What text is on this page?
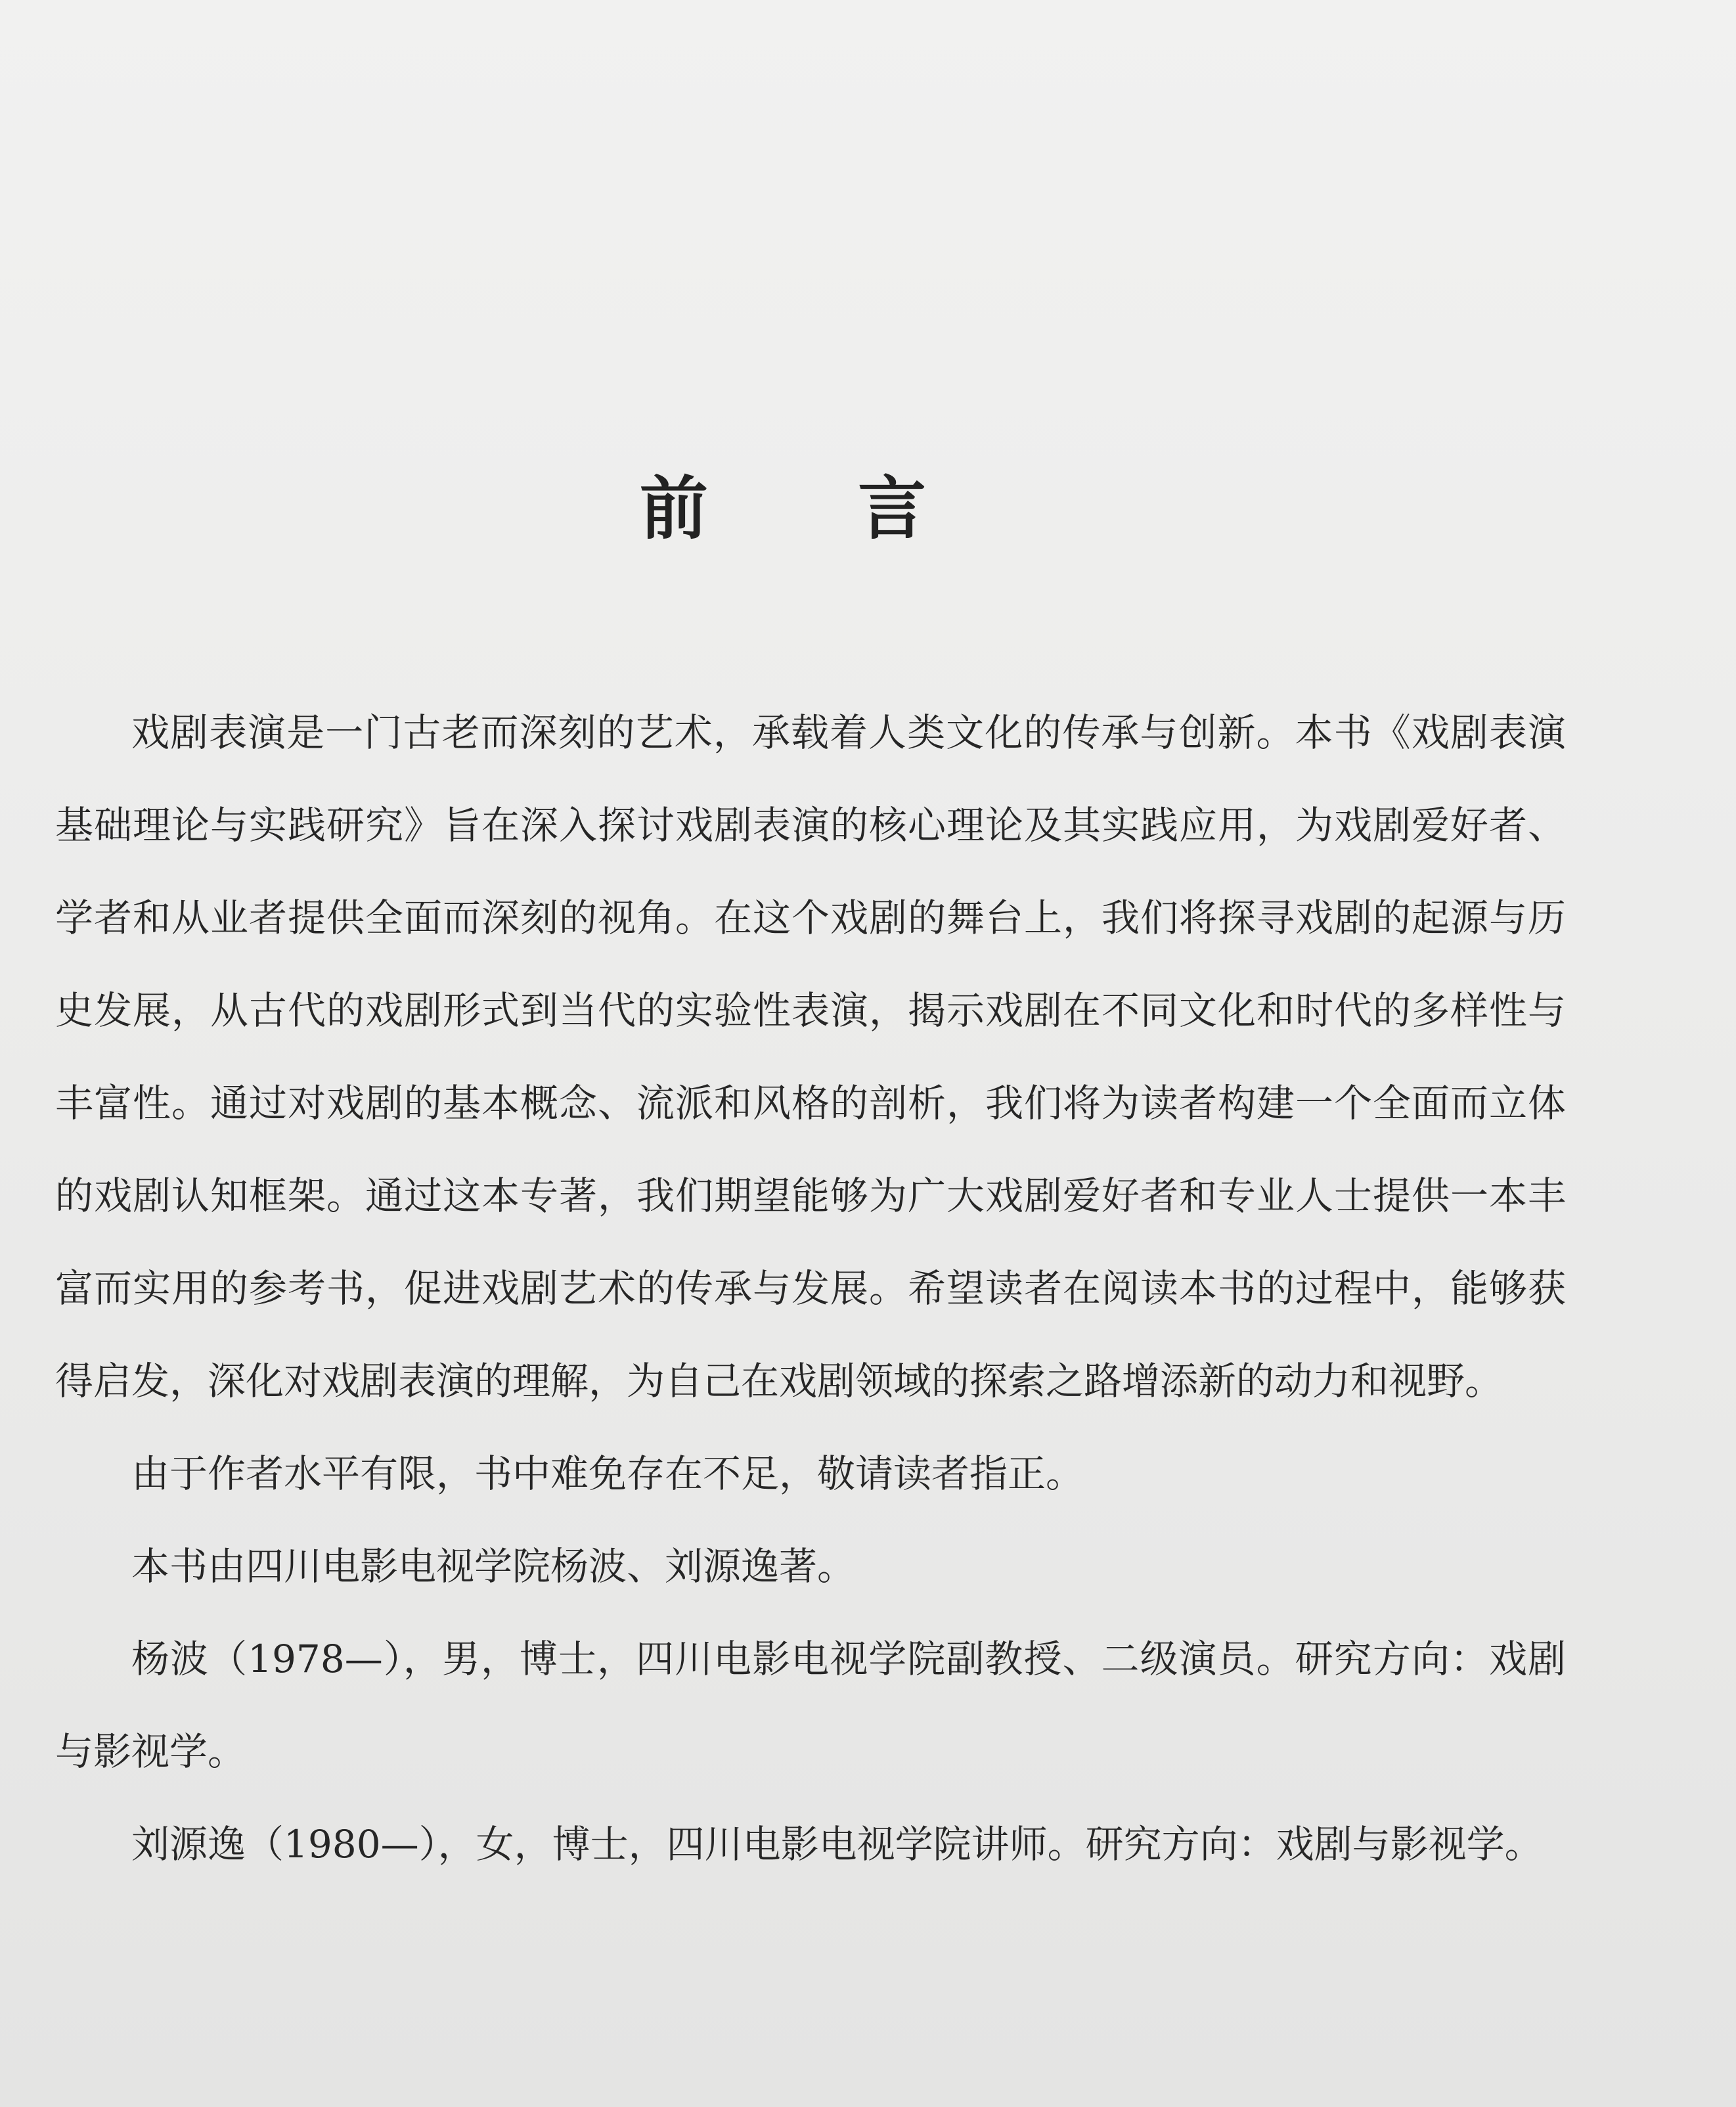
前 言

戏剧表演是一门古老而深刻的艺术，承载着人类文化的传承与创新。本书《戏剧表演基础理论与实践研究》旨在深入探讨戏剧表演的核心理论及其实践应用，为戏剧爱好者、学者和从业者提供全面而深刻的视角。在这个戏剧的舞台上，我们将探寻戏剧的起源与历史发展，从古代的戏剧形式到当代的实验性表演，揭示戏剧在不同文化和时代的多样性与丰富性。通过对戏剧的基本概念、流派和风格的剖析，我们将为读者构建一个全面而立体的戏剧认知框架。通过这本专著，我们期望能够为广大戏剧爱好者和专业人士提供一本丰富而实用的参考书，促进戏剧艺术的传承与发展。希望读者在阅读本书的过程中，能够获得启发，深化对戏剧表演的理解，为自己在戏剧领域的探索之路增添新的动力和视野。

由于作者水平有限，书中难免存在不足，敬请读者指正。

本书由四川电影电视学院杨波、刘源逸著。

杨波（1978—），男，博士，四川电影电视学院副教授、二级演员。研究方向：戏剧与影视学。

刘源逸（1980—），女，博士，四川电影电视学院讲师。研究方向：戏剧与影视学。
